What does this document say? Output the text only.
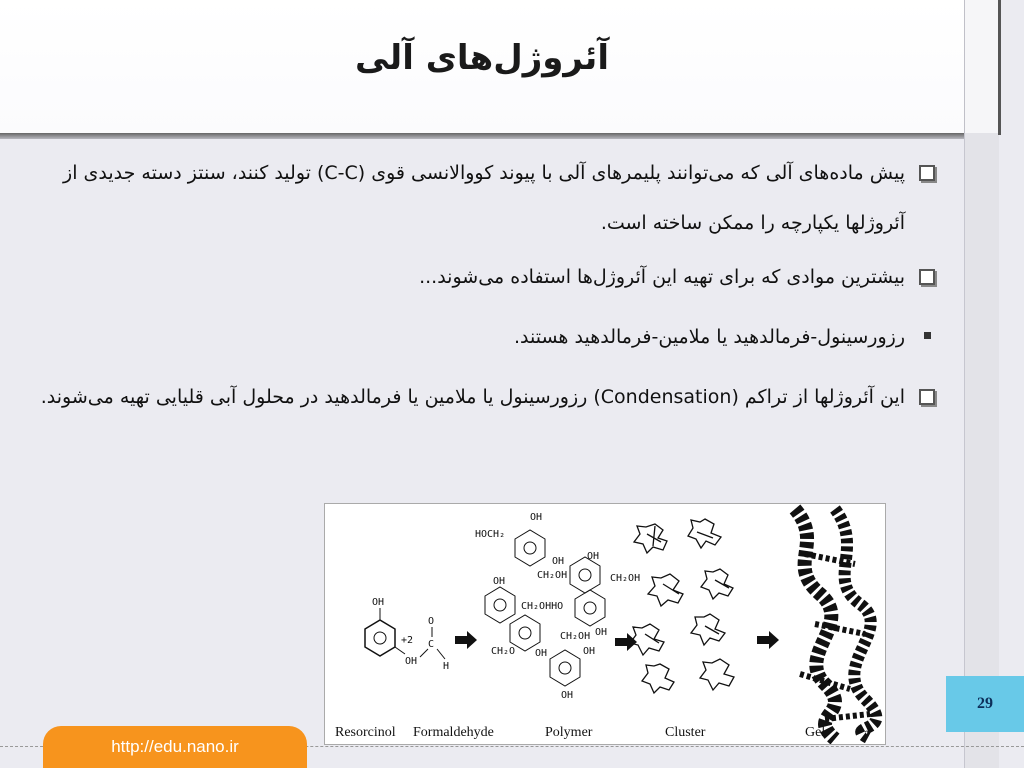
آئروژل‌های آلی

پیش ماده‌های آلی که می‌توانند پلیمرهای آلی با پیوند کووالانسی قوی (C-C) تولید کنند، سنتز دسته جدیدی از آئروژلها یکپارچه را ممکن ساخته است.

بیشترین موادی که برای تهیه این آئروژل‌ها استفاده می‌شوند...

رزورسینول-فرمالدهید یا ملامین-فرمالدهید هستند.

این آئروژلها از تراکم (Condensation) رزورسینول یا ملامین یا فرمالدهید در محلول آبی قلیایی تهیه می‌شوند.

OH
OH
+2
O
C
H
HOCH₂
OH
OH
CH₂OH
OH
CH₂OH
OH
CH₂OHHO
OH
CH₂O OH
CH₂OH
OH
OH
Resorcinol Formaldehyde	Polymer	Cluster	Gel
29
http://edu.nano.ir
